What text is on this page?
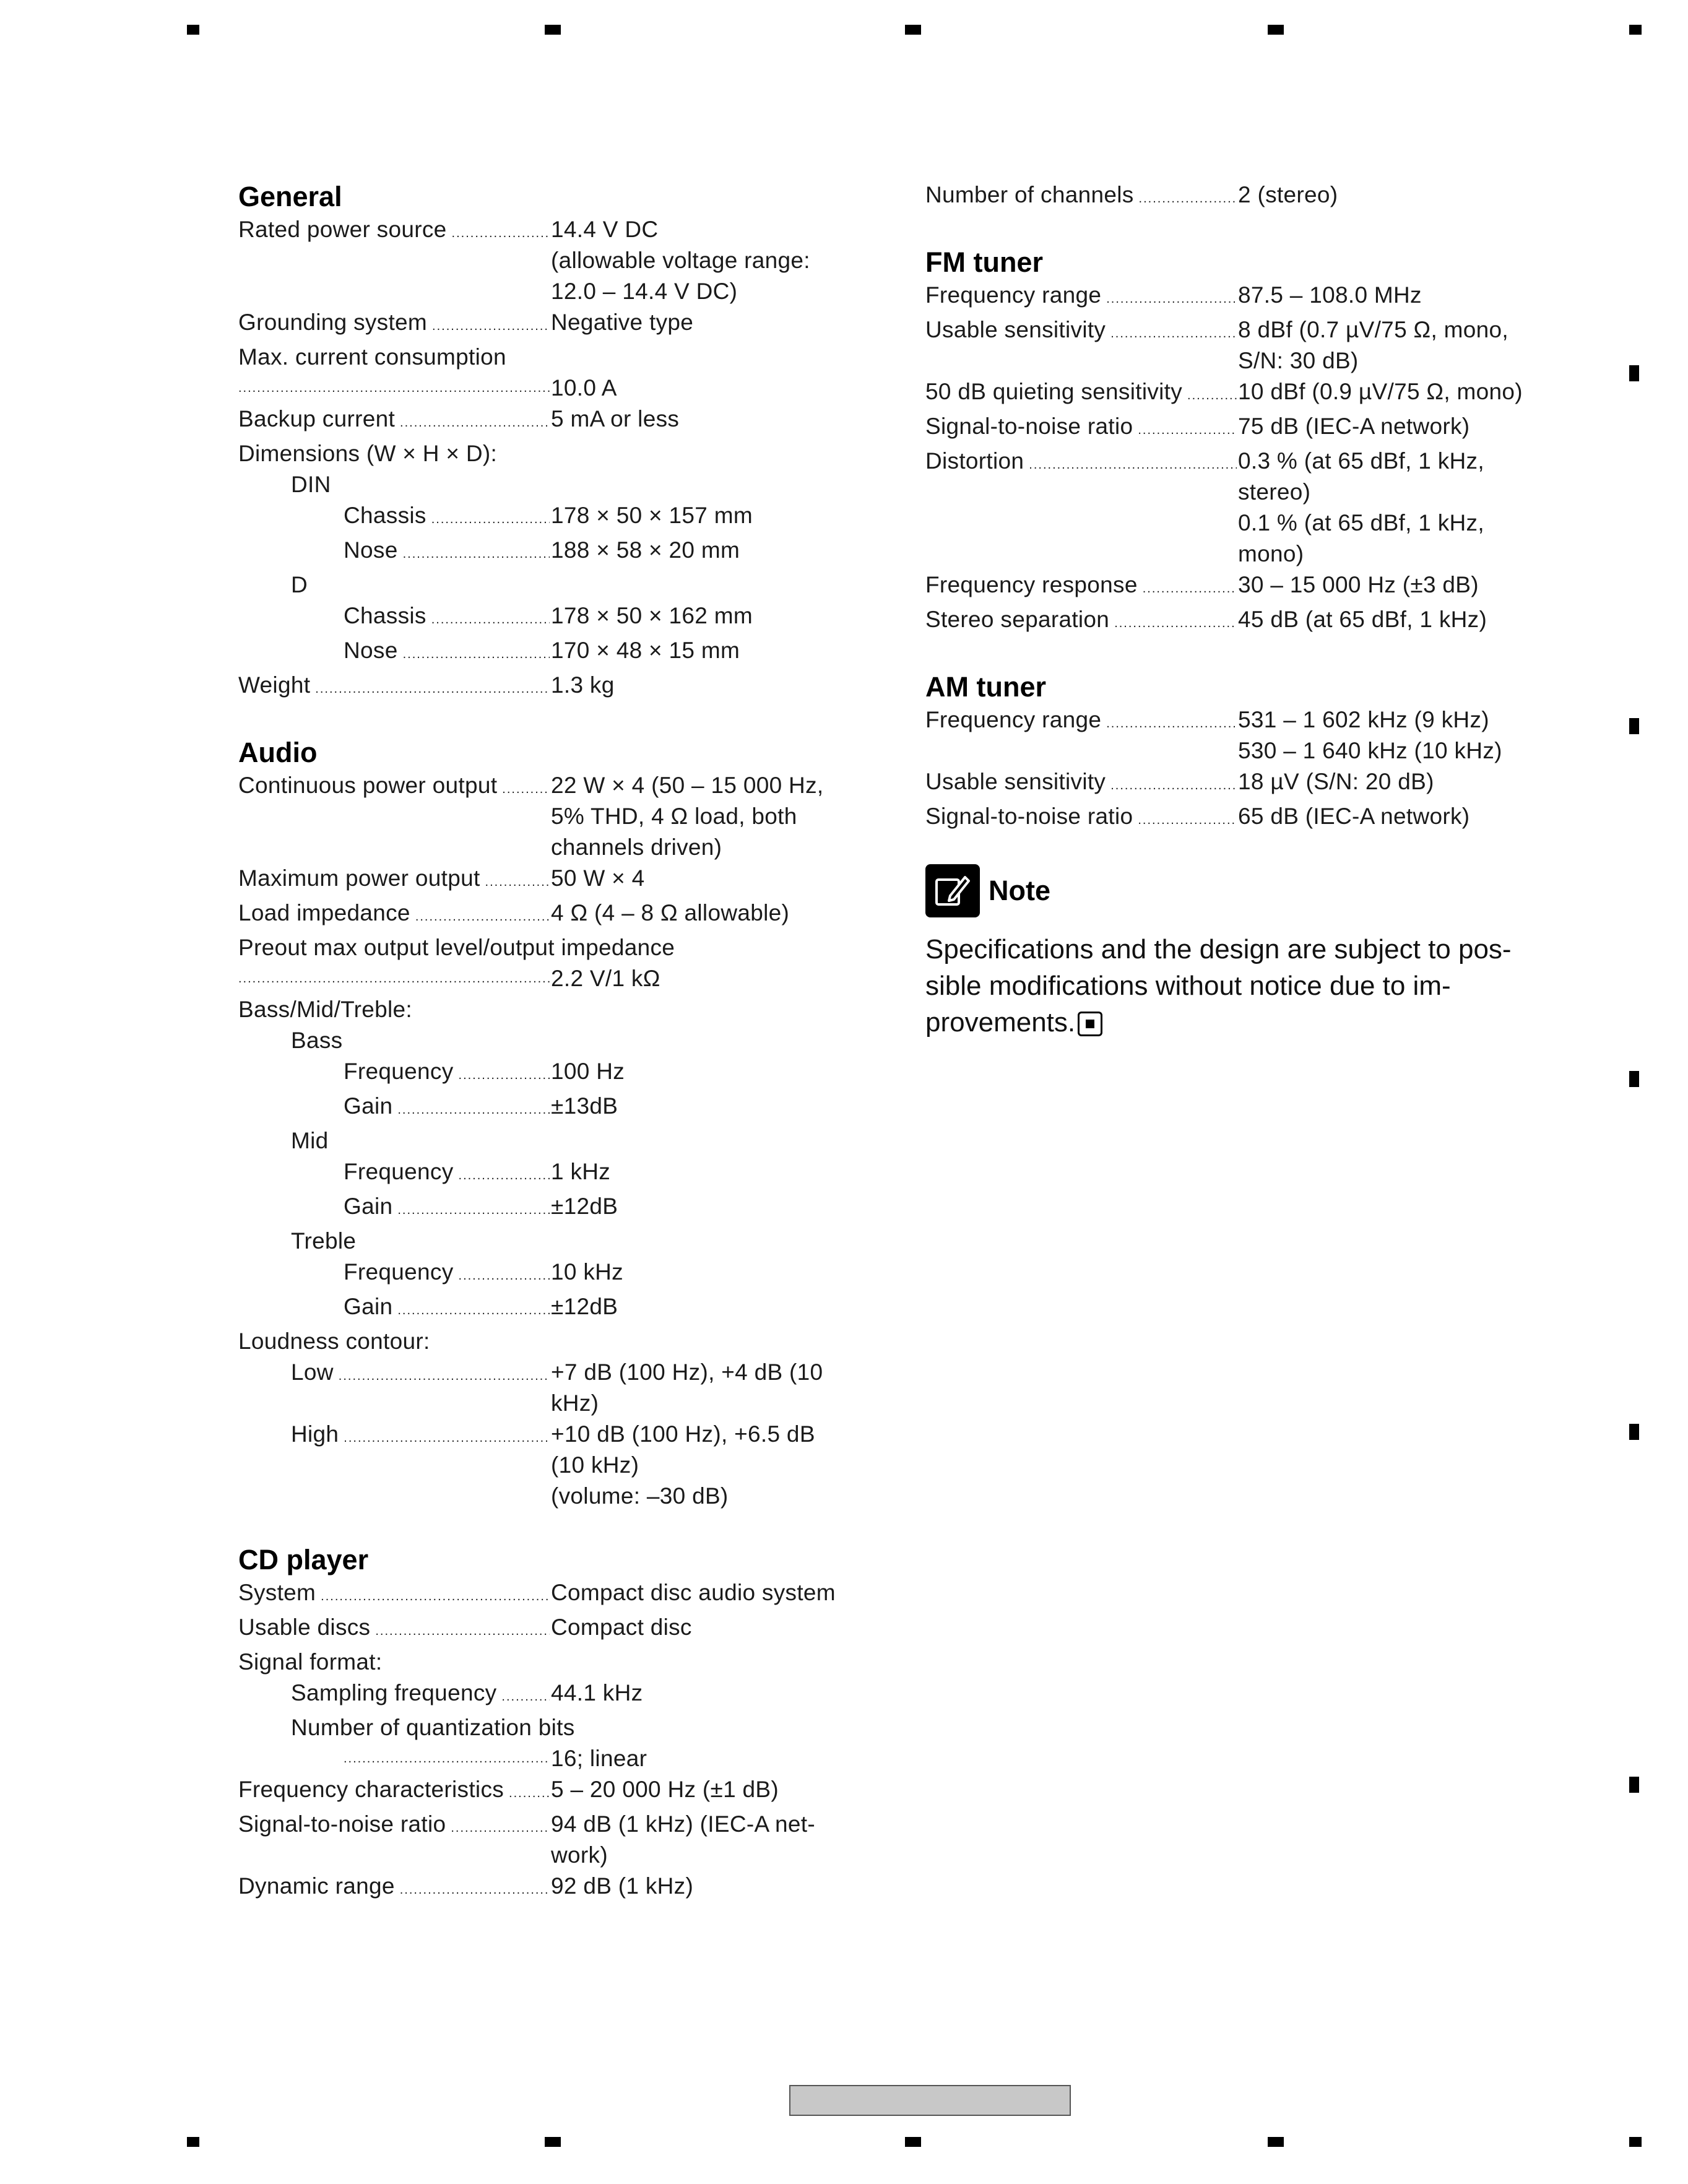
General
Rated power source .....	14.4 V DC
(allowable voltage range:
12.0 – 14.4 V DC)
Grounding system .....	Negative type
Max. current consumption
.....
10.0 A
Backup current .....	5 mA or less
Dimensions (W × H × D):
DIN
Chassis .....	178 × 50 × 157 mm
Nose .....	188 × 58 × 20 mm
D
Chassis .....	178 × 50 × 162 mm
Nose .....	170 × 48 × 15 mm
Weight .....	1.3 kg
Audio
Continuous power output ..... 22 W × 4 (50 – 15 000 Hz,
5% THD, 4 Ω load, both
channels driven)
Maximum power output .....	50 W × 4
Load impedance .....	4 Ω (4 – 8 Ω allowable)
Preout max output level/output impedance
.....
2.2 V/1 kΩ
Bass/Mid/Treble:
Bass
Frequency .....	100 Hz
Gain .....	±13dB
Mid
Frequency .....	1 kHz
Gain .....	±12dB
Treble
Frequency .....	10 kHz
Gain .....	±12dB
Loudness contour:
Low .....	+7 dB (100 Hz), +4 dB (10
kHz)
High .....	+10 dB (100 Hz), +6.5 dB
(10 kHz)
(volume: –30 dB)
CD player
System .....	Compact disc audio system
Usable discs .....	Compact disc
Signal format:
Sampling frequency ..... 44.1 kHz
Number of quantization bits
.....
16; linear
Frequency characteristics ..... 5 – 20 000 Hz (±1 dB)
Signal-to-noise ratio .....	94 dB (1 kHz) (IEC-A net-
work)
Dynamic range .....	92 dB (1 kHz)
Number of channels .....	2 (stereo)
FM tuner
Frequency range .....	87.5 – 108.0 MHz
Usable sensitivity .....	8 dBf (0.7 µV/75 Ω, mono,
S/N: 30 dB)
50 dB quieting sensitivity ..... 10 dBf (0.9 µV/75 Ω, mono)
Signal-to-noise ratio .....	75 dB (IEC-A network)
Distortion .....	0.3 % (at 65 dBf, 1 kHz,
stereo)
0.1 % (at 65 dBf, 1 kHz,
mono)
Frequency response .....	30 – 15 000 Hz (±3 dB)
Stereo separation .....	45 dB (at 65 dBf, 1 kHz)
AM tuner
Frequency range .....	531 – 1 602 kHz (9 kHz)
530 – 1 640 kHz (10 kHz)
Usable sensitivity .....	18 µV (S/N: 20 dB)
Signal-to-noise ratio .....	65 dB (IEC-A network)
Note
Specifications and the design are subject to pos-
sible modifications without notice due to im-
provements.
